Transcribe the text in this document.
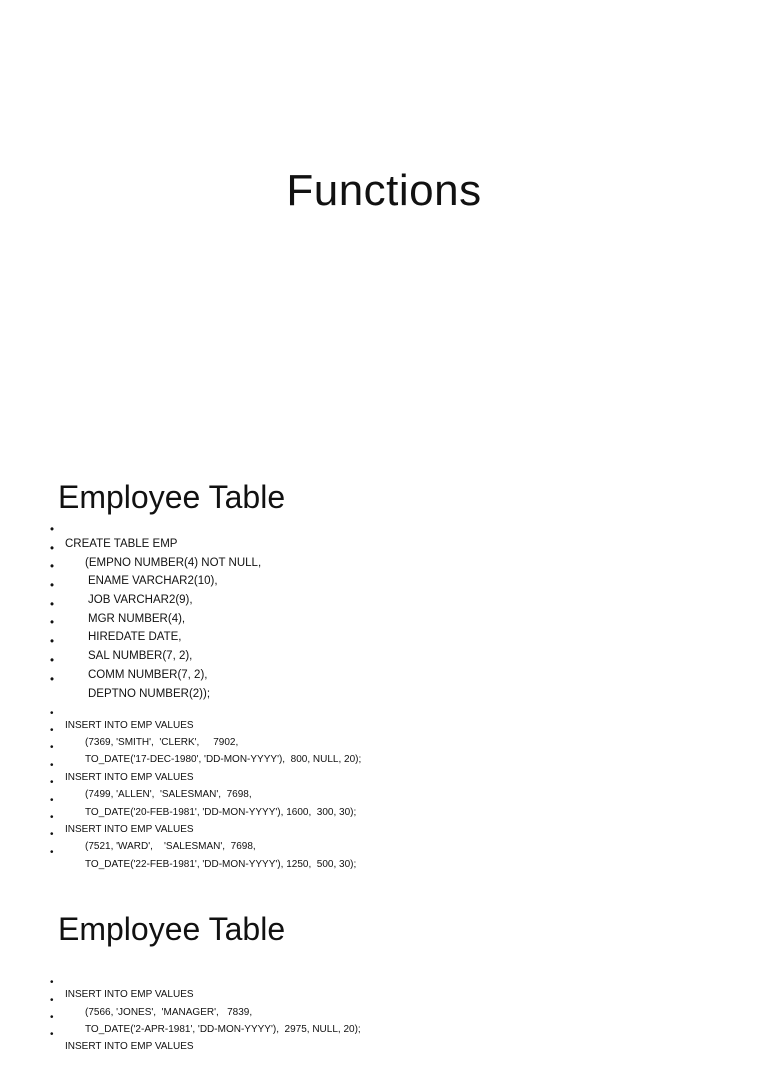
Functions
Employee Table

•

CREATE TABLE EMP

•

(EMPNO NUMBER(4) NOT NULL,

•

ENAME VARCHAR2(10),

•

JOB VARCHAR2(9),

•

MGR NUMBER(4),

•

HIREDATE DATE,

•

SAL NUMBER(7, 2),

•

COMM NUMBER(7, 2),

•

DEPTNO NUMBER(2));

•

INSERT INTO EMP VALUES

•

(7369, 'SMITH',  'CLERK',     7902,

•

TO_DATE('17-DEC-1980', 'DD-MON-YYYY'),  800, NULL, 20);

•

INSERT INTO EMP VALUES

•

(7499, 'ALLEN',  'SALESMAN',  7698,

•

TO_DATE('20-FEB-1981', 'DD-MON-YYYY'), 1600,  300, 30);

•

INSERT INTO EMP VALUES

•

(7521, 'WARD',    'SALESMAN',  7698,

•

TO_DATE('22-FEB-1981', 'DD-MON-YYYY'), 1250,  500, 30);

Employee Table

•

INSERT INTO EMP VALUES

•

(7566, 'JONES',  'MANAGER',   7839,

•

TO_DATE('2-APR-1981', 'DD-MON-YYYY'),  2975, NULL, 20);

•

INSERT INTO EMP VALUES
